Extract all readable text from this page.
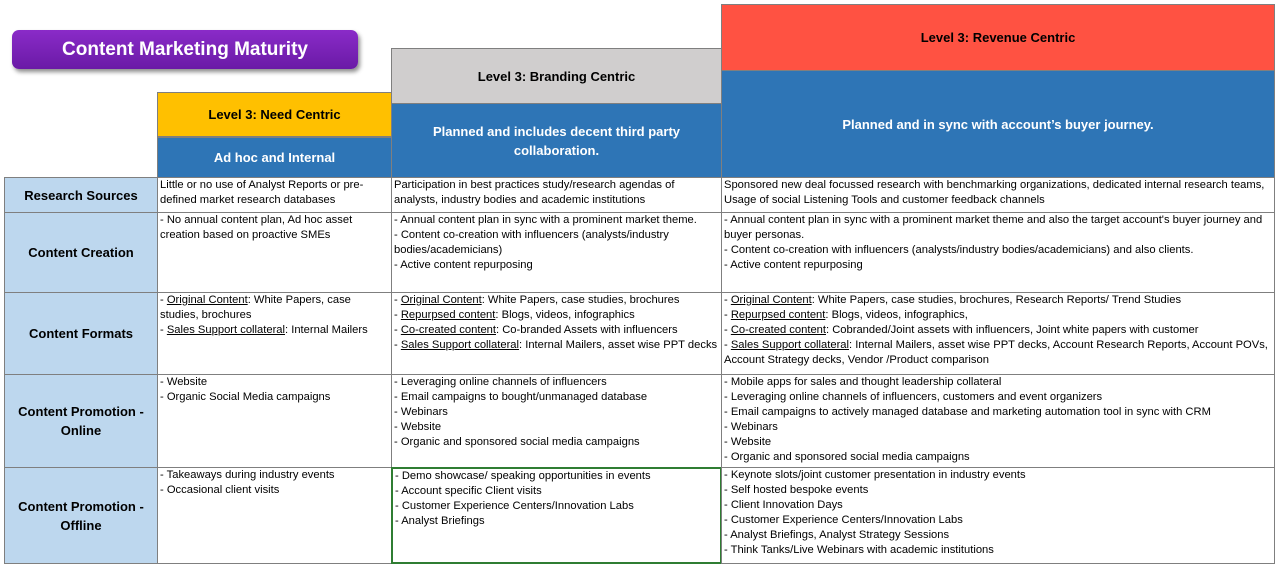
Content Marketing Maturity
Level 3: Need Centric
Ad hoc and Internal
Level 3: Branding Centric
Planned and includes decent third party collaboration.
Level 3: Revenue Centric
Planned and in sync with account’s buyer journey.
Research Sources
Content Creation
Content Formats
Content Promotion - Online
Content Promotion - Offline
Little or no use of Analyst Reports or pre-defined market research databases
Participation in best practices study/research agendas of analysts, industry bodies and academic institutions
Sponsored new deal focussed research with benchmarking organizations, dedicated internal research teams, Usage of social Listening Tools and customer feedback channels
- No annual content plan, Ad hoc asset creation based on proactive SMEs
- Annual content plan in sync with a prominent market theme.
- Content co-creation with influencers (analysts/industry bodies/academicians)
- Active content repurposing
- Annual content plan in sync with a prominent market theme and also the target account's buyer journey and buyer personas.
- Content co-creation with influencers (analysts/industry bodies/academicians) and also clients.
- Active content repurposing
- Original Content: White Papers, case studies, brochures
- Sales Support collateral: Internal Mailers
- Original Content: White Papers, case studies, brochures
- Repurpsed content: Blogs, videos, infographics
- Co-created content: Co-branded Assets with influencers
- Sales Support collateral: Internal Mailers, asset wise PPT decks
- Original Content: White Papers, case studies, brochures, Research Reports/ Trend Studies
- Repurpsed content: Blogs, videos, infographics,
- Co-created content: Cobranded/Joint assets with influencers, Joint white papers with customer
- Sales Support collateral: Internal Mailers, asset wise PPT decks, Account Research Reports, Account POVs, Account Strategy decks, Vendor /Product comparison
- Website
- Organic Social Media campaigns
- Leveraging online channels of influencers
- Email campaigns to bought/unmanaged database
- Webinars
- Website
- Organic and sponsored social media campaigns
- Mobile apps for sales and thought leadership collateral
- Leveraging online channels of influencers, customers and event organizers
- Email campaigns to actively managed database and marketing automation tool in sync with CRM
- Webinars
- Website
- Organic and sponsored social media campaigns
- Takeaways during industry events
- Occasional client visits
- Demo showcase/ speaking opportunities in events
- Account specific Client visits
- Customer Experience Centers/Innovation Labs
- Analyst Briefings
- Keynote slots/joint customer presentation in industry events
- Self hosted bespoke events
- Client Innovation Days
- Customer Experience Centers/Innovation Labs
- Analyst Briefings, Analyst Strategy Sessions
- Think Tanks/Live Webinars with academic institutions
